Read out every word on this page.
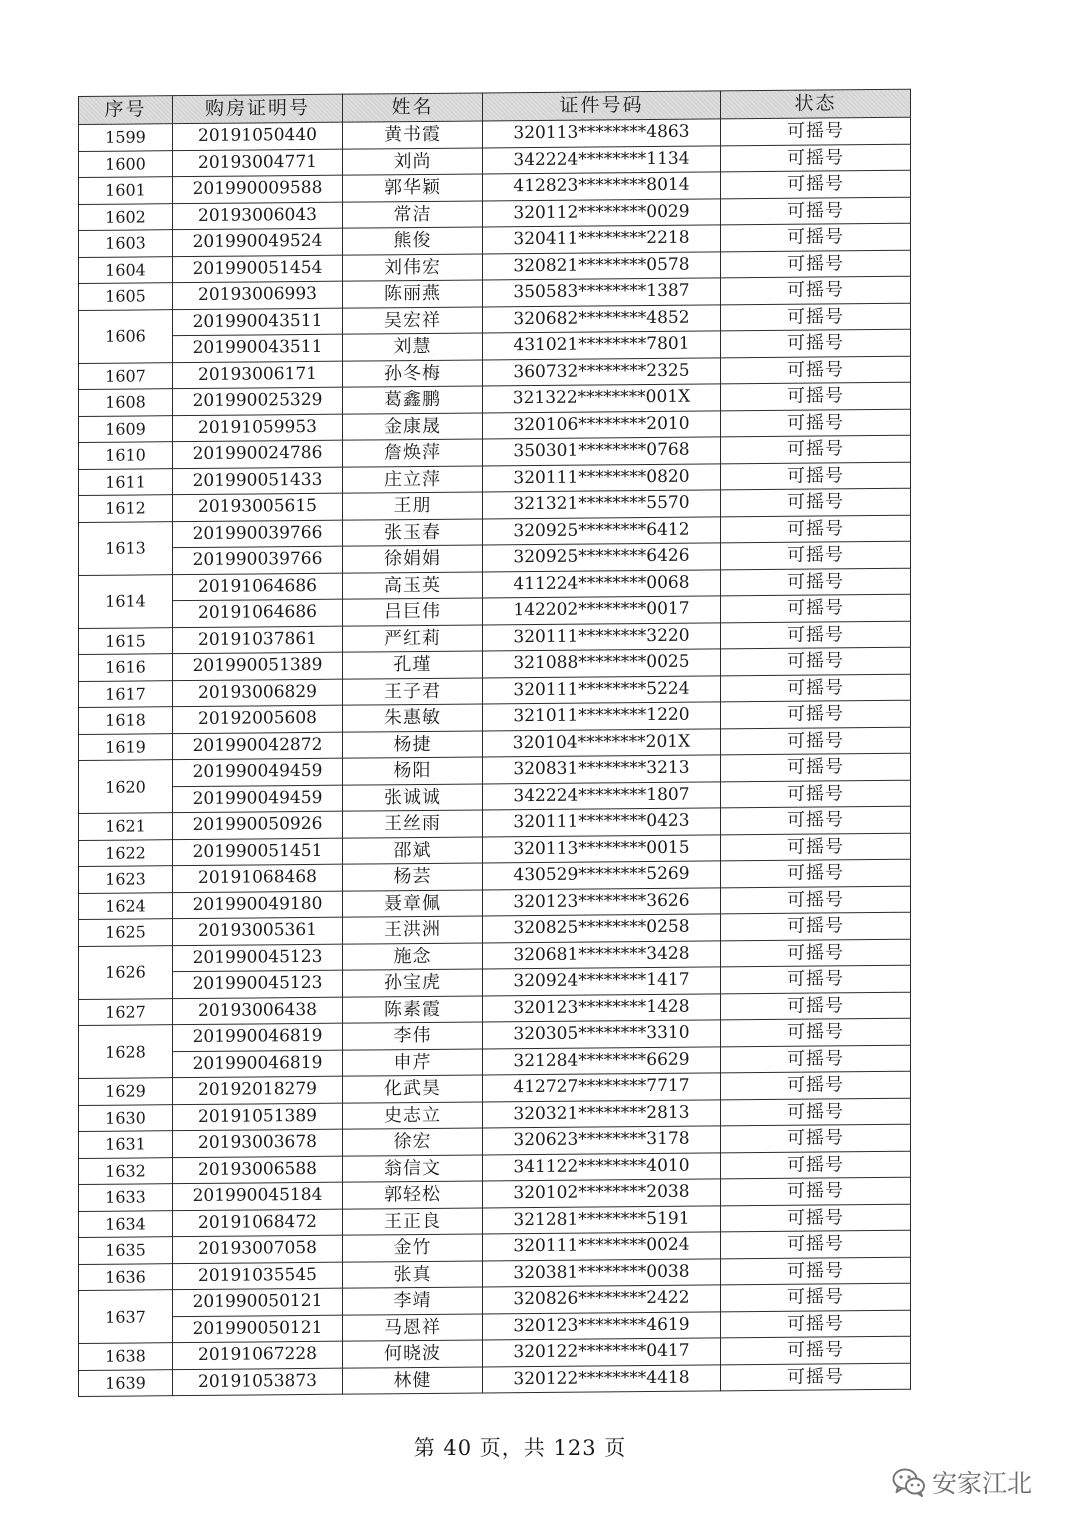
序号	购房证明号	姓名	证件号码	状态
1599	20191050440	黄书霞	320113********4863	可摇号
1600	20193004771	刘尚	342224********1134	可摇号
1601	201990009588	郭华颖	412823********8014	可摇号
1602	20193006043	常洁	320112********0029	可摇号
1603	201990049524	熊俊	320411********2218	可摇号
1604	201990051454	刘伟宏	320821********0578	可摇号
1605	20193006993	陈丽燕	350583********1387	可摇号
1606	201990043511	吴宏祥	320682********4852	可摇号
	201990043511	刘慧	431021********7801	可摇号
1607	20193006171	孙冬梅	360732********2325	可摇号
1608	201990025329	葛鑫鹏	321322********001X	可摇号
1609	20191059953	金康晟	320106********2010	可摇号
1610	201990024786	詹焕萍	350301********0768	可摇号
1611	201990051433	庄立萍	320111********0820	可摇号
1612	20193005615	王朋	321321********5570	可摇号
1613	201990039766	张玉春	320925********6412	可摇号
	201990039766	徐娟娟	320925********6426	可摇号
1614	20191064686	高玉英	411224********0068	可摇号
	20191064686	吕巨伟	142202********0017	可摇号
1615	20191037861	严红莉	320111********3220	可摇号
1616	201990051389	孔瑾	321088********0025	可摇号
1617	20193006829	王子君	320111********5224	可摇号
1618	20192005608	朱惠敏	321011********1220	可摇号
1619	201990042872	杨捷	320104********201X	可摇号
1620	201990049459	杨阳	320831********3213	可摇号
	201990049459	张诚诚	342224********1807	可摇号
1621	201990050926	王丝雨	320111********0423	可摇号
1622	201990051451	邵斌	320113********0015	可摇号
1623	20191068468	杨芸	430529********5269	可摇号
1624	201990049180	聂章佩	320123********3626	可摇号
1625	20193005361	王洪洲	320825********0258	可摇号
1626	201990045123	施念	320681********3428	可摇号
	201990045123	孙宝虎	320924********1417	可摇号
1627	20193006438	陈素霞	320123********1428	可摇号
1628	201990046819	李伟	320305********3310	可摇号
	201990046819	申芹	321284********6629	可摇号
1629	20192018279	化武昊	412727********7717	可摇号
1630	20191051389	史志立	320321********2813	可摇号
1631	20193003678	徐宏	320623********3178	可摇号
1632	20193006588	翁信文	341122********4010	可摇号
1633	201990045184	郭轻松	320102********2038	可摇号
1634	20191068472	王正良	321281********5191	可摇号
1635	20193007058	金竹	320111********0024	可摇号
1636	20191035545	张真	320381********0038	可摇号
1637	201990050121	李靖	320826********2422	可摇号
	201990050121	马恩祥	320123********4619	可摇号
1638	20191067228	何晓波	320122********0417	可摇号
1639	20191053873	林健	320122********4418	可摇号
第 40 页，共 123 页
安家江北
